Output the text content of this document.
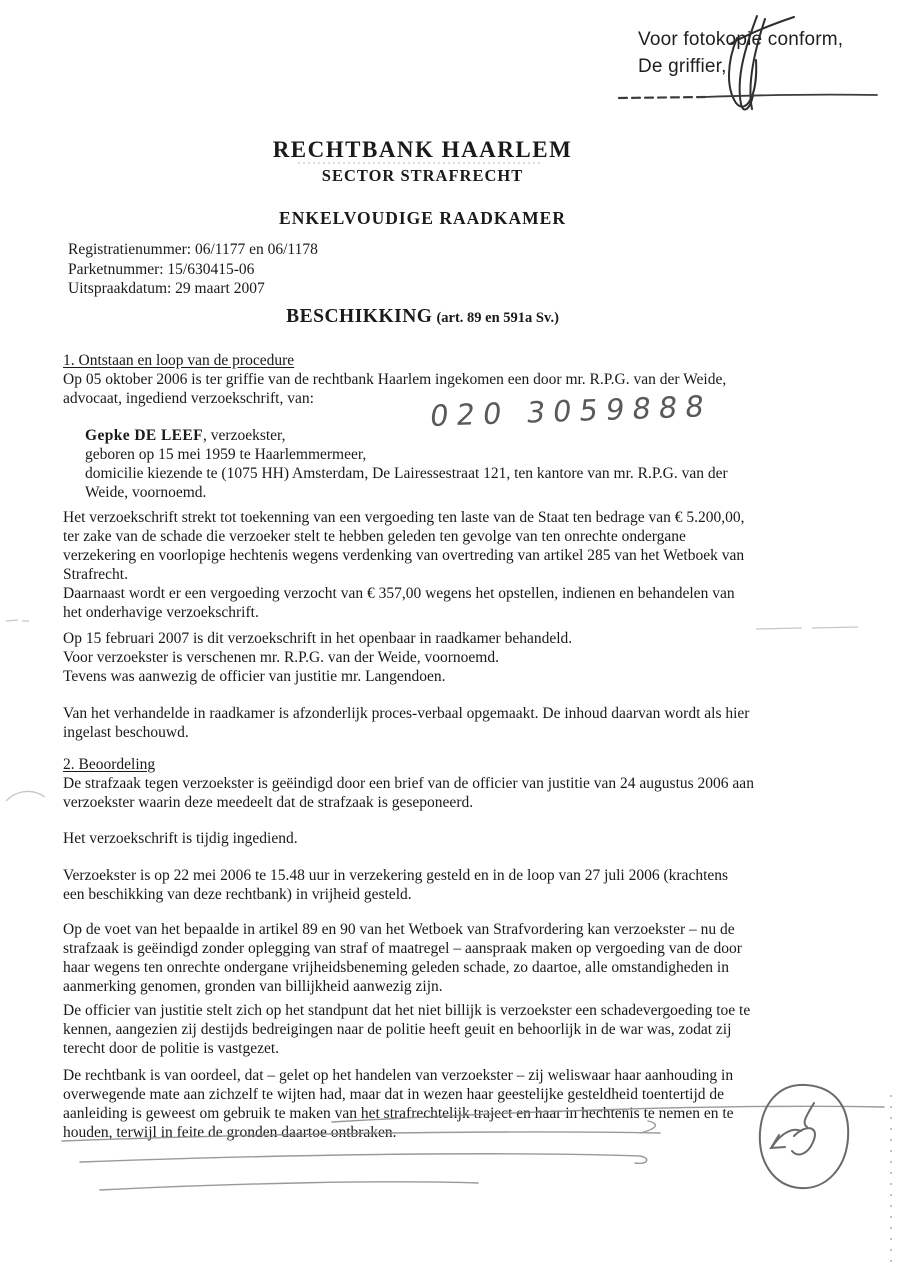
Voor fotokopie conform,
De griffier,
RECHTBANK HAARLEM
SECTOR STRAFRECHT
ENKELVOUDIGE RAADKAMER
Registratienummer: 06/1177 en 06/1178
Parketnummer: 15/630415-06
Uitspraakdatum: 29 maart 2007
BESCHIKKING (art. 89 en 591a Sv.)
020 3059888
1. Ontstaan en loop van de procedure
Op 05 oktober 2006 is ter griffie van de rechtbank Haarlem ingekomen een door mr. R.P.G. van der Weide,
advocaat, ingediend verzoekschrift, van:
Gepke DE LEEF, verzoekster,
geboren op 15 mei 1959 te Haarlemmermeer,
domicilie kiezende te (1075 HH) Amsterdam, De Lairessestraat 121, ten kantore van mr. R.P.G. van der
Weide, voornoemd.
Het verzoekschrift strekt tot toekenning van een vergoeding ten laste van de Staat ten bedrage van € 5.200,00,
ter zake van de schade die verzoeker stelt te hebben geleden ten gevolge van ten onrechte ondergane
verzekering en voorlopige hechtenis wegens verdenking van overtreding van artikel 285 van het Wetboek van
Strafrecht.
Daarnaast wordt er een vergoeding verzocht van € 357,00 wegens het opstellen, indienen en behandelen van
het onderhavige verzoekschrift.
Op 15 februari 2007 is dit verzoekschrift in het openbaar in raadkamer behandeld.
Voor verzoekster is verschenen mr. R.P.G. van der Weide, voornoemd.
Tevens was aanwezig de officier van justitie mr. Langendoen.
Van het verhandelde in raadkamer is afzonderlijk proces-verbaal opgemaakt. De inhoud daarvan wordt als hier
ingelast beschouwd.
2. Beoordeling
De strafzaak tegen verzoekster is geëindigd door een brief van de officier van justitie van 24 augustus 2006 aan
verzoekster waarin deze meedeelt dat de strafzaak is geseponeerd.
Het verzoekschrift is tijdig ingediend.
Verzoekster is op 22 mei 2006 te 15.48 uur in verzekering gesteld en in de loop van 27 juli 2006 (krachtens
een beschikking van deze rechtbank) in vrijheid gesteld.
Op de voet van het bepaalde in artikel 89 en 90 van het Wetboek van Strafvordering kan verzoekster – nu de
strafzaak is geëindigd zonder oplegging van straf of maatregel – aanspraak maken op vergoeding van de door
haar wegens ten onrechte ondergane vrijheidsbeneming geleden schade, zo daartoe, alle omstandigheden in
aanmerking genomen, gronden van billijkheid aanwezig zijn.
De officier van justitie stelt zich op het standpunt dat het niet billijk is verzoekster een schadevergoeding toe te
kennen, aangezien zij destijds bedreigingen naar de politie heeft geuit en behoorlijk in de war was, zodat zij
terecht door de politie is vastgezet.
De rechtbank is van oordeel, dat – gelet op het handelen van verzoekster – zij weliswaar haar aanhouding in
overwegende mate aan zichzelf te wijten had, maar dat in wezen haar geestelijke gesteldheid toentertijd de
aanleiding is geweest om gebruik te maken van het strafrechtelijk traject en haar in hechtenis te nemen en te
houden, terwijl in feite de gronden daartoe ontbraken.
